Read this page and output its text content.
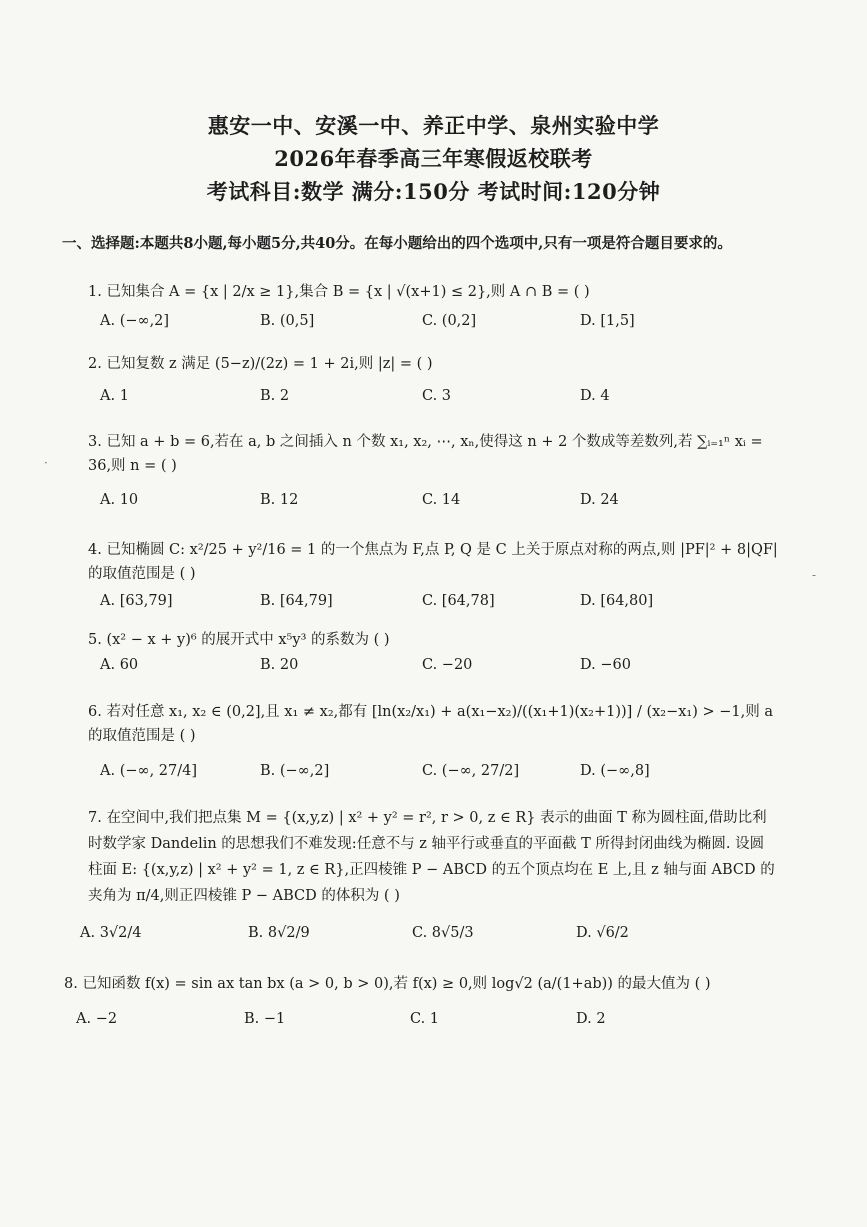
惠安一中、安溪一中、养正中学、泉州实验中学
2026年春季高三年寒假返校联考
考试科目:数学 满分:150分 考试时间:120分钟
一、选择题:本题共8小题,每小题5分,共40分。在每小题给出的四个选项中,只有一项是符合题目要求的。
1. 已知集合 A = {x | 2/x ≥ 1},集合 B = {x | √(x+1) ≤ 2},则 A ∩ B = ( )
A. (−∞,2]	B. (0,5]	C. (0,2]	D. [1,5]
2. 已知复数 z 满足 (5−z)/(2z) = 1 + 2i,则 |z| = ( )
A. 1	B. 2	C. 3	D. 4
3. 已知 a + b = 6,若在 a, b 之间插入 n 个数 x₁, x₂, ⋯, xₙ,使得这 n + 2 个数成等差数列,若 ∑ᵢ₌₁ⁿ xᵢ = 36,则 n = ( )
A. 10	B. 12	C. 14	D. 24
4. 已知椭圆 C: x²/25 + y²/16 = 1 的一个焦点为 F,点 P, Q 是 C 上关于原点对称的两点,则 |PF|² + 8|QF| 的取值范围是 ( )
A. [63,79]	B. [64,79]	C. [64,78]	D. [64,80]
5. (x² − x + y)⁶ 的展开式中 x⁵y³ 的系数为 ( )
A. 60	B. 20	C. −20	D. −60
6. 若对任意 x₁, x₂ ∈ (0,2],且 x₁ ≠ x₂,都有 [ln(x₂/x₁) + a(x₁−x₂)/((x₁+1)(x₂+1))] / (x₂−x₁) > −1,则 a 的取值范围是 ( )
A. (−∞, 27/4]	B. (−∞,2]	C. (−∞, 27/2]	D. (−∞,8]
7. 在空间中,我们把点集 M = {(x,y,z) | x² + y² = r², r > 0, z ∈ R} 表示的曲面 T 称为圆柱面,借助比利时数学家 Dandelin 的思想我们不难发现:任意不与 z 轴平行或垂直的平面截 T 所得封闭曲线为椭圆. 设圆柱面 E: {(x,y,z) | x² + y² = 1, z ∈ R},正四棱锥 P − ABCD 的五个顶点均在 E 上,且 z 轴与面 ABCD 的夹角为 π/4,则正四棱锥 P − ABCD 的体积为 ( )
A. 3√2/4	B. 8√2/9	C. 8√5/3	D. √6/2
8. 已知函数 f(x) = sin ax tan bx (a > 0, b > 0),若 f(x) ≥ 0,则 log√2 (a/(1+ab)) 的最大值为 ( )
A. −2	B. −1	C. 1	D. 2
·
-
